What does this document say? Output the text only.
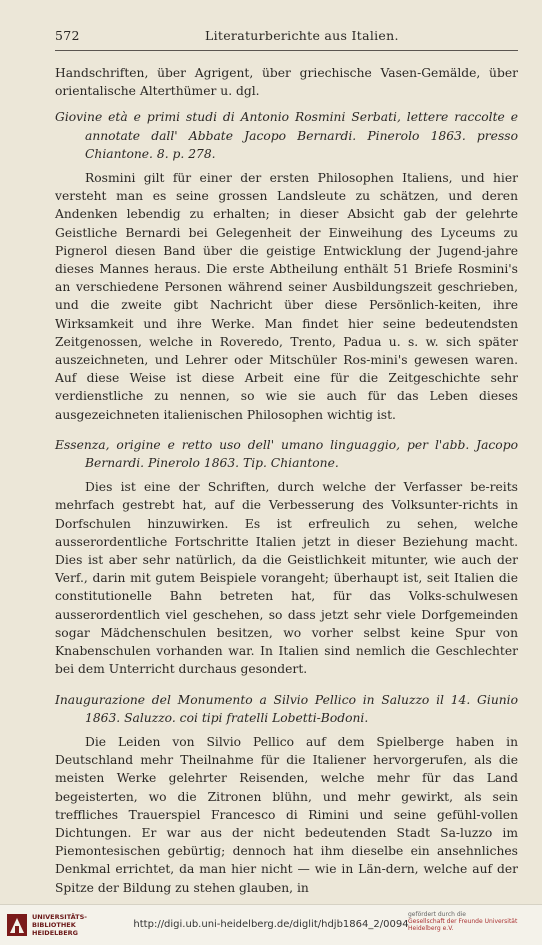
572	Literaturberichte aus Italien.

Handschriften, über Agrigent, über griechische Vasen-Gemälde, über orientalische Alterthümer u. dgl.

Giovine età e primi studi di Antonio Rosmini Serbati, lettere raccolte e annotate dall' Abbate Jacopo Bernardi. Pinerolo 1863. presso Chiantone. 8. p. 278.

Rosmini gilt für einer der ersten Philosophen Italiens, und hier versteht man es seine grossen Landsleute zu schätzen, und deren Andenken lebendig zu erhalten; in dieser Absicht gab der gelehrte Geistliche Bernardi bei Gelegenheit der Einweihung des Lyceums zu Pignerol diesen Band über die geistige Entwicklung der Jugend-jahre dieses Mannes heraus. Die erste Abtheilung enthält 51 Briefe Rosmini's an verschiedene Personen während seiner Ausbildungszeit geschrieben, und die zweite gibt Nachricht über diese Persönlich-keiten, ihre Wirksamkeit und ihre Werke. Man findet hier seine bedeutendsten Zeitgenossen, welche in Roveredo, Trento, Padua u. s. w. sich später auszeichneten, und Lehrer oder Mitschüler Ros-mini's gewesen waren. Auf diese Weise ist diese Arbeit eine für die Zeitgeschichte sehr verdienstliche zu nennen, so wie sie auch für das Leben dieses ausgezeichneten italienischen Philosophen wichtig ist.

Essenza, origine e retto uso dell' umano linguaggio, per l'abb. Jacopo Bernardi. Pinerolo 1863. Tip. Chiantone.

Dies ist eine der Schriften, durch welche der Verfasser be-reits mehrfach gestrebt hat, auf die Verbesserung des Volksunter-richts in Dorfschulen hinzuwirken. Es ist erfreulich zu sehen, welche ausserordentliche Fortschritte Italien jetzt in dieser Beziehung macht. Dies ist aber sehr natürlich, da die Geistlichkeit mitunter, wie auch der Verf., darin mit gutem Beispiele vorangeht; überhaupt ist, seit Italien die constitutionelle Bahn betreten hat, für das Volks-schulwesen ausserordentlich viel geschehen, so dass jetzt sehr viele Dorfgemeinden sogar Mädchenschulen besitzen, wo vorher selbst keine Spur von Knabenschulen vorhanden war. In Italien sind nemlich die Geschlechter bei dem Unterricht durchaus gesondert.

Inaugurazione del Monumento a Silvio Pellico in Saluzzo il 14. Giunio 1863. Saluzzo. coi tipi fratelli Lobetti-Bodoni.

Die Leiden von Silvio Pellico auf dem Spielberge haben in Deutschland mehr Theilnahme für die Italiener hervorgerufen, als die meisten Werke gelehrter Reisenden, welche mehr für das Land begeisterten, wo die Zitronen blühn, und mehr gewirkt, als sein treffliches Trauerspiel Francesco di Rimini und seine gefühl-vollen Dichtungen. Er war aus der nicht bedeutenden Stadt Sa-luzzo im Piemontesischen gebürtig; dennoch hat ihm dieselbe ein ansehnliches Denkmal errichtet, da man hier nicht — wie in Län-dern, welche auf der Spitze der Bildung zu stehen glauben, in

UNIVERSITÄTS-
BIBLIOTHEK
HEIDELBERG
http://digi.ub.uni-heidelberg.de/diglit/hdjb1864_2/0094
gefördert durch die
Gesellschaft der Freunde Universität Heidelberg e.V.
